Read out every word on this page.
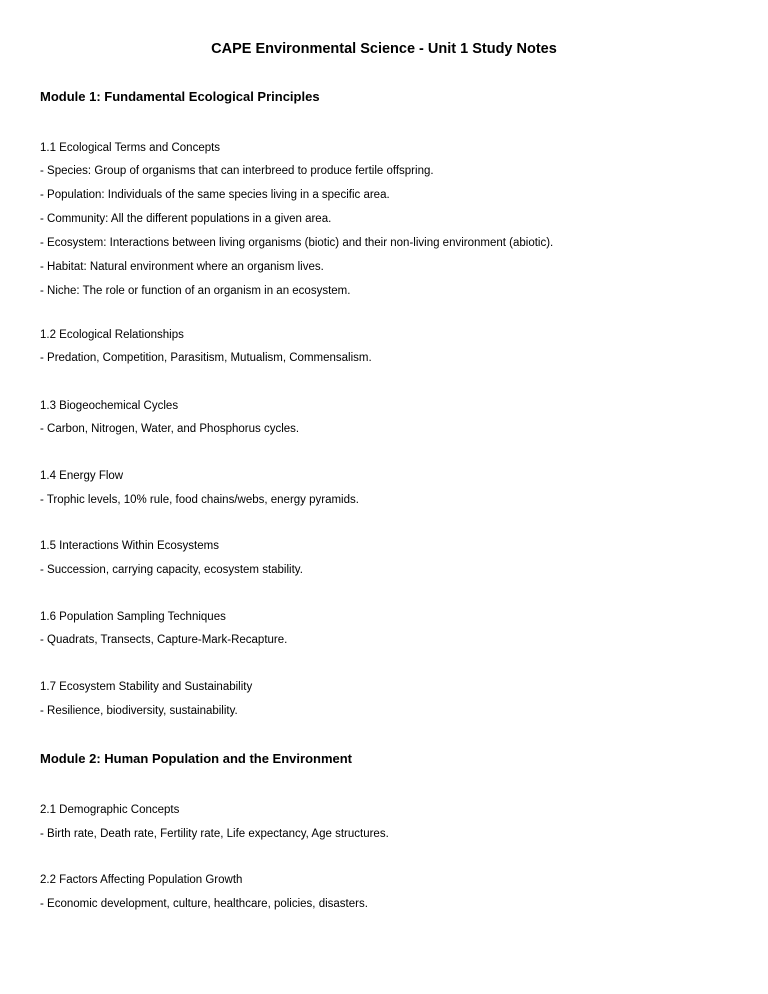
CAPE Environmental Science - Unit 1 Study Notes
Module 1: Fundamental Ecological Principles
1.1 Ecological Terms and Concepts
- Species: Group of organisms that can interbreed to produce fertile offspring.
- Population: Individuals of the same species living in a specific area.
- Community: All the different populations in a given area.
- Ecosystem: Interactions between living organisms (biotic) and their non-living environment (abiotic).
- Habitat: Natural environment where an organism lives.
- Niche: The role or function of an organism in an ecosystem.
1.2 Ecological Relationships
- Predation, Competition, Parasitism, Mutualism, Commensalism.
1.3 Biogeochemical Cycles
- Carbon, Nitrogen, Water, and Phosphorus cycles.
1.4 Energy Flow
- Trophic levels, 10% rule, food chains/webs, energy pyramids.
1.5 Interactions Within Ecosystems
- Succession, carrying capacity, ecosystem stability.
1.6 Population Sampling Techniques
- Quadrats, Transects, Capture-Mark-Recapture.
1.7 Ecosystem Stability and Sustainability
- Resilience, biodiversity, sustainability.
Module 2: Human Population and the Environment
2.1 Demographic Concepts
- Birth rate, Death rate, Fertility rate, Life expectancy, Age structures.
2.2 Factors Affecting Population Growth
- Economic development, culture, healthcare, policies, disasters.
